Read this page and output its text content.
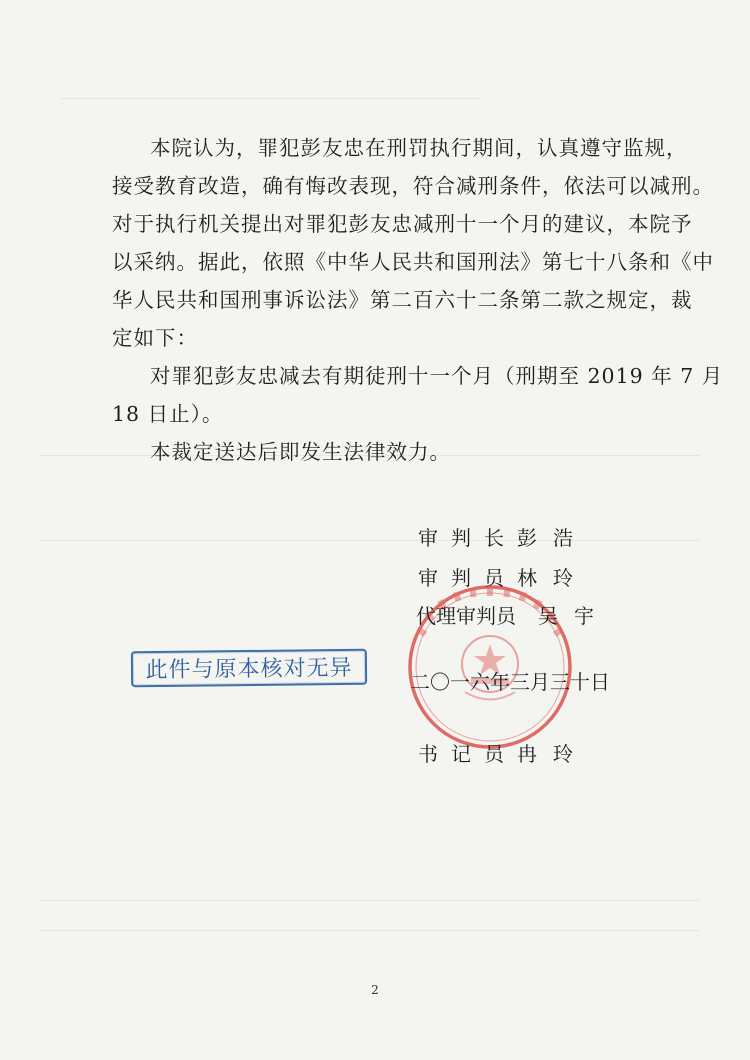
本院认为，罪犯彭友忠在刑罚执行期间，认真遵守监规，
接受教育改造，确有悔改表现，符合减刑条件，依法可以减刑。
对于执行机关提出对罪犯彭友忠减刑十一个月的建议，本院予
以采纳。据此，依照《中华人民共和国刑法》第七十八条和《中
华人民共和国刑事诉讼法》第二百六十二条第二款之规定，裁
定如下：
对罪犯彭友忠减去有期徒刑十一个月（刑期至 2019 年 7 月
18 日止）。
本裁定送达后即发生法律效力。
审判长彭浩
审判员林玲
代理审判员 吴宇
此件与原本核对无异	二〇一六年三月三十日
书记员冉玲
2
